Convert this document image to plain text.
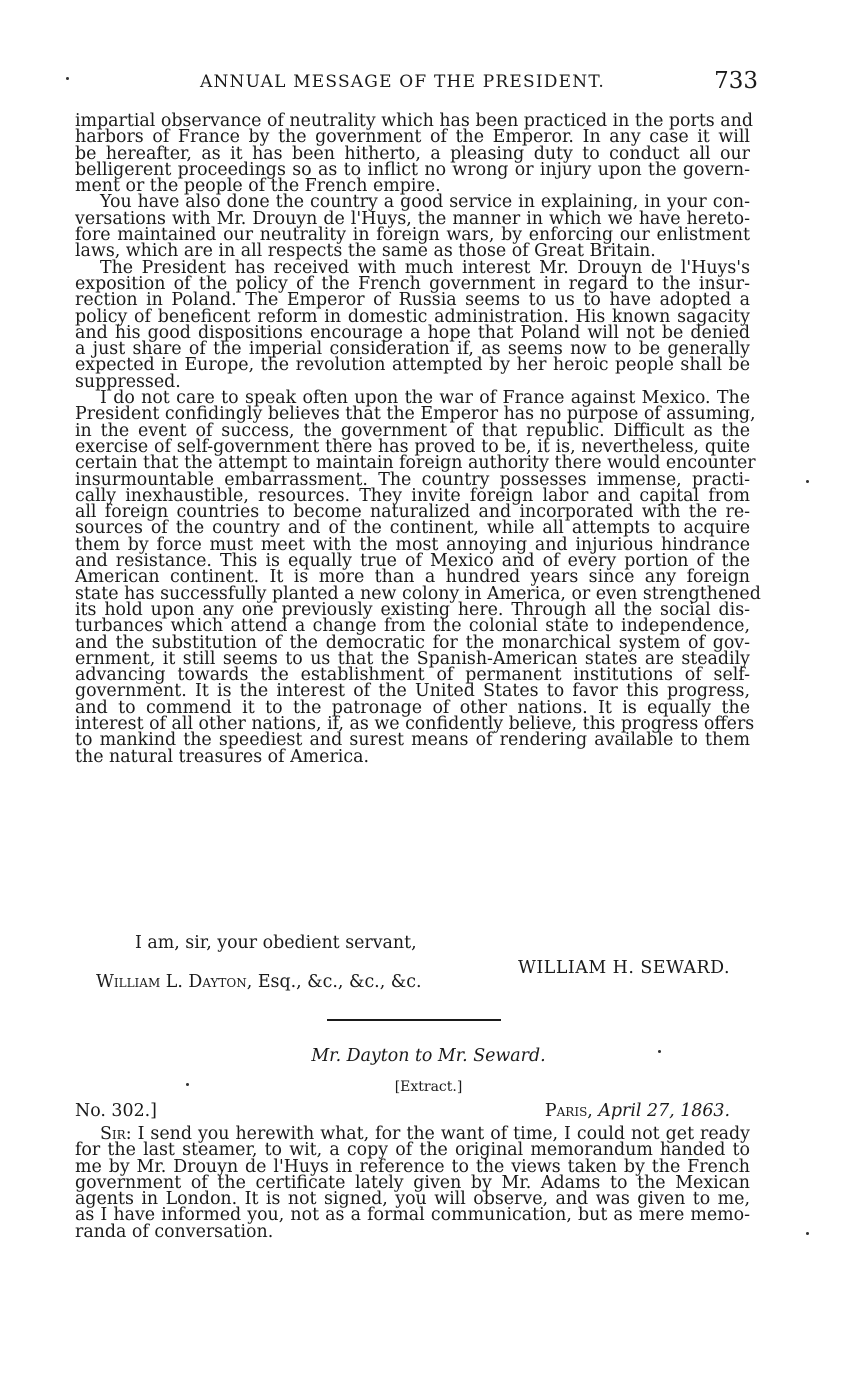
ANNUAL MESSAGE OF THE PRESIDENT.	733

impartial observance of neutrality which has been practiced in the ports and
harbors of France by the government of the Emperor. In any case it will
be hereafter, as it has been hitherto, a pleasing duty to conduct all our
belligerent proceedings so as to inflict no wrong or injury upon the govern-
ment or the people of the French empire.

You have also done the country a good service in explaining, in your con-
versations with Mr. Drouyn de l'Huys, the manner in which we have hereto-
fore maintained our neutrality in foreign wars, by enforcing our enlistment
laws, which are in all respects the same as those of Great Britain.

The President has received with much interest Mr. Drouyn de l'Huys's
exposition of the policy of the French government in regard to the insur-
rection in Poland. The Emperor of Russia seems to us to have adopted a
policy of beneficent reform in domestic administration. His known sagacity
and his good dispositions encourage a hope that Poland will not be denied
a just share of the imperial consideration if, as seems now to be generally
expected in Europe, the revolution attempted by her heroic people shall be
suppressed.

I do not care to speak often upon the war of France against Mexico. The
President confidingly believes that the Emperor has no purpose of assuming,
in the event of success, the government of that republic. Difficult as the
exercise of self-government there has proved to be, it is, nevertheless, quite
certain that the attempt to maintain foreign authority there would encounter
insurmountable embarrassment. The country possesses immense, practi-
cally inexhaustible, resources. They invite foreign labor and capital from
all foreign countries to become naturalized and incorporated with the re-
sources of the country and of the continent, while all attempts to acquire
them by force must meet with the most annoying and injurious hindrance
and resistance. This is equally true of Mexico and of every portion of the
American continent. It is more than a hundred years since any foreign
state has successfully planted a new colony in America, or even strengthened
its hold upon any one previously existing here. Through all the social dis-
turbances which attend a change from the colonial state to independence,
and the substitution of the democratic for the monarchical system of gov-
ernment, it still seems to us that the Spanish-American states are steadily
advancing towards the establishment of permanent institutions of self-
government. It is the interest of the United States to favor this progress,
and to commend it to the patronage of other nations. It is equally the
interest of all other nations, if, as we confidently believe, this progress offers
to mankind the speediest and surest means of rendering available to them
the natural treasures of America.

I am, sir, your obedient servant,
WILLIAM H. SEWARD.
William L. Dayton, Esq., &c., &c., &c.
Mr. Dayton to Mr. Seward.
[Extract.]
No. 302.]	Paris, April 27, 1863.

Sir: I send you herewith what, for the want of time, I could not get ready
for the last steamer, to wit, a copy of the original memorandum handed to
me by Mr. Drouyn de l'Huys in reference to the views taken by the French
government of the certificate lately given by Mr. Adams to the Mexican
agents in London. It is not signed, you will observe, and was given to me,
as I have informed you, not as a formal communication, but as mere memo-
randa of conversation.
